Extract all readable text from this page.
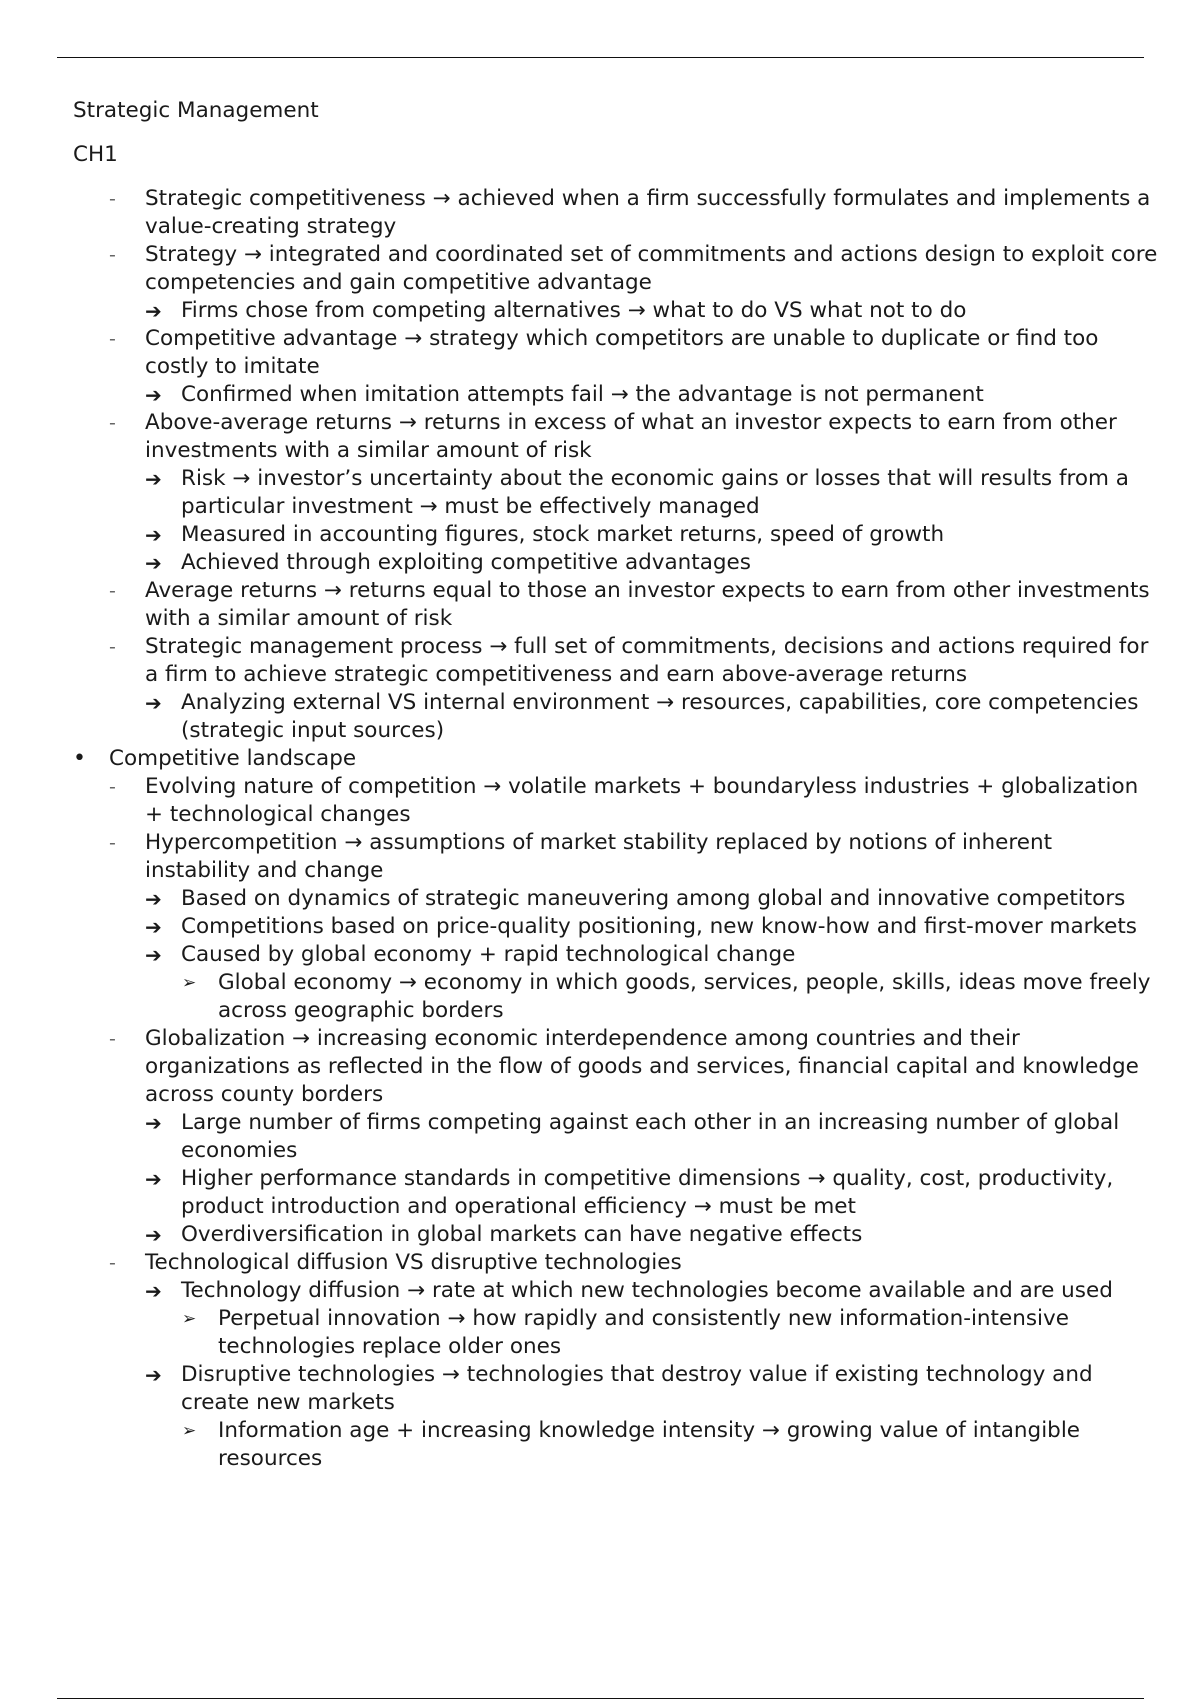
Strategic Management
CH1
- Strategic competitiveness → achieved when a firm successfully formulates and implements a value-creating strategy
- Strategy → integrated and coordinated set of commitments and actions design to exploit core competencies and gain competitive advantage
➔ Firms chose from competing alternatives → what to do VS what not to do
- Competitive advantage → strategy which competitors are unable to duplicate or find too costly to imitate
➔ Confirmed when imitation attempts fail → the advantage is not permanent
- Above-average returns → returns in excess of what an investor expects to earn from other investments with a similar amount of risk
➔ Risk → investor’s uncertainty about the economic gains or losses that will results from a particular investment → must be effectively managed
➔ Measured in accounting figures, stock market returns, speed of growth
➔ Achieved through exploiting competitive advantages
- Average returns → returns equal to those an investor expects to earn from other investments with a similar amount of risk
- Strategic management process → full set of commitments, decisions and actions required for a firm to achieve strategic competitiveness and earn above-average returns
➔ Analyzing external VS internal environment → resources, capabilities, core competencies (strategic input sources)
• Competitive landscape
- Evolving nature of competition → volatile markets + boundaryless industries + globalization + technological changes
- Hypercompetition → assumptions of market stability replaced by notions of inherent instability and change
➔ Based on dynamics of strategic maneuvering among global and innovative competitors
➔ Competitions based on price-quality positioning, new know-how and first-mover markets
➔ Caused by global economy + rapid technological change
➢ Global economy → economy in which goods, services, people, skills, ideas move freely across geographic borders
- Globalization → increasing economic interdependence among countries and their organizations as reflected in the flow of goods and services, financial capital and knowledge across county borders
➔ Large number of firms competing against each other in an increasing number of global economies
➔ Higher performance standards in competitive dimensions → quality, cost, productivity, product introduction and operational efficiency → must be met
➔ Overdiversification in global markets can have negative effects
- Technological diffusion VS disruptive technologies
➔ Technology diffusion → rate at which new technologies become available and are used
➢ Perpetual innovation → how rapidly and consistently new information-intensive technologies replace older ones
➔ Disruptive technologies → technologies that destroy value if existing technology and create new markets
➢ Information age + increasing knowledge intensity → growing value of intangible resources
